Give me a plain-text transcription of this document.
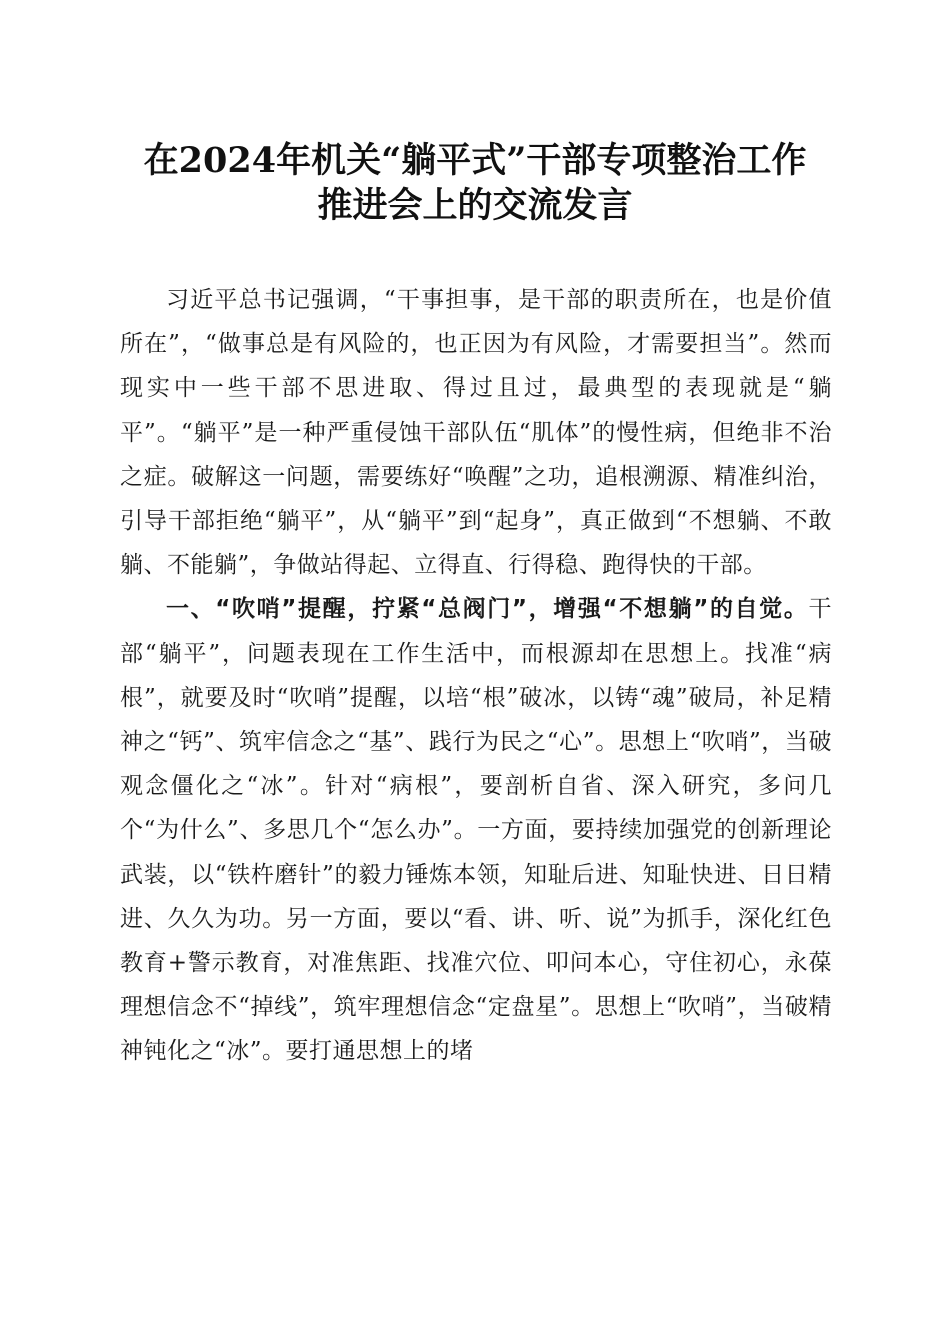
在2024年机关“躺平式”干部专项整治工作
推进会上的交流发言

习近平总书记强调，“干事担事，是干部的职责所在，也是价值所在”，“做事总是有风险的，也正因为有风险，才需要担当”。然而现实中一些干部不思进取、得过且过，最典型的表现就是“躺平”。“躺平”是一种严重侵蚀干部队伍“肌体”的慢性病，但绝非不治之症。破解这一问题，需要练好“唤醒”之功，追根溯源、精准纠治，引导干部拒绝“躺平”，从“躺平”到“起身”，真正做到“不想躺、不敢躺、不能躺”，争做站得起、立得直、行得稳、跑得快的干部。

一、“吹哨”提醒，拧紧“总阀门”，增强“不想躺”的自觉。干部“躺平”，问题表现在工作生活中，而根源却在思想上。找准“病根”，就要及时“吹哨”提醒，以培“根”破冰，以铸“魂”破局，补足精神之“钙”、筑牢信念之“基”、践行为民之“心”。思想上“吹哨”，当破观念僵化之“冰”。针对“病根”，要剖析自省、深入研究，多问几个“为什么”、多思几个“怎么办”。一方面，要持续加强党的创新理论武装，以“铁杵磨针”的毅力锤炼本领，知耻后进、知耻快进、日日精进、久久为功。另一方面，要以“看、讲、听、说”为抓手，深化红色教育+警示教育，对准焦距、找准穴位、叩问本心，守住初心，永葆理想信念不“掉线”，筑牢理想信念“定盘星”。思想上“吹哨”，当破精神钝化之“冰”。要打通思想上的堵
